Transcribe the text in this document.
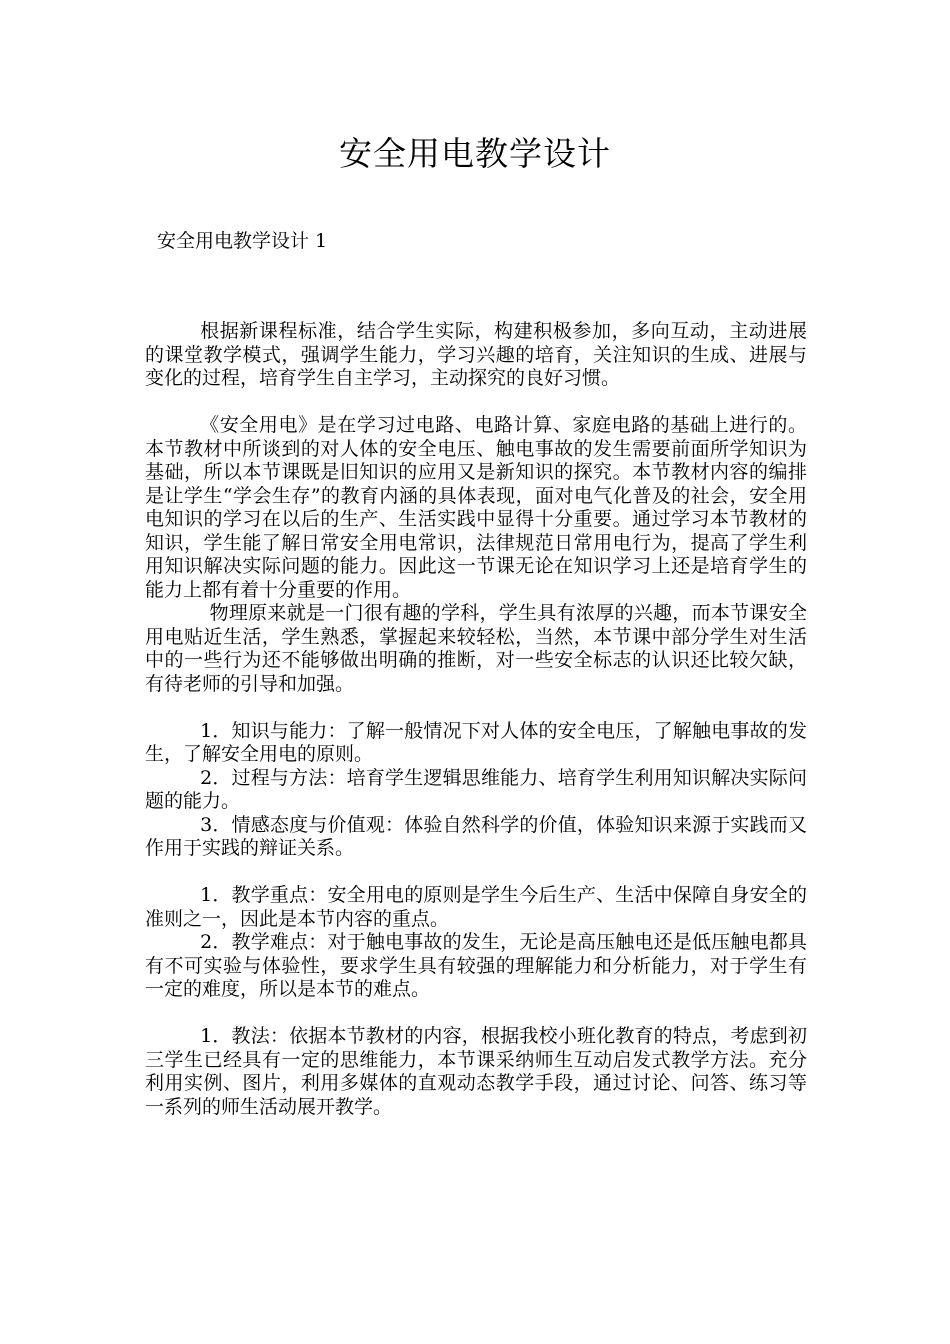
安全用电教学设计
安全用电教学设计 1

根据新课程标准，结合学生实际，构建积极参加，多向互动，主动进展的课堂教学模式，强调学生能力，学习兴趣的培育，关注知识的生成、进展与变化的过程，培育学生自主学习，主动探究的良好习惯。

《安全用电》是在学习过电路、电路计算、家庭电路的基础上进行的。本节教材中所谈到的对人体的安全电压、触电事故的发生需要前面所学知识为基础，所以本节课既是旧知识的应用又是新知识的探究。本节教材内容的编排是让学生“学会生存”的教育内涵的具体表现，面对电气化普及的社会，安全用电知识的学习在以后的生产、生活实践中显得十分重要。通过学习本节教材的知识，学生能了解日常安全用电常识，法律规范日常用电行为，提高了学生利用知识解决实际问题的能力。因此这一节课无论在知识学习上还是培育学生的能力上都有着十分重要的作用。

物理原来就是一门很有趣的学科，学生具有浓厚的兴趣，而本节课安全用电贴近生活，学生熟悉，掌握起来较轻松，当然，本节课中部分学生对生活中的一些行为还不能够做出明确的推断，对一些安全标志的认识还比较欠缺，有待老师的引导和加强。

1．知识与能力：了解一般情况下对人体的安全电压，了解触电事故的发生，了解安全用电的原则。

2．过程与方法：培育学生逻辑思维能力、培育学生利用知识解决实际问题的能力。

3．情感态度与价值观：体验自然科学的价值，体验知识来源于实践而又作用于实践的辩证关系。

1．教学重点：安全用电的原则是学生今后生产、生活中保障自身安全的准则之一，因此是本节内容的重点。

2．教学难点：对于触电事故的发生，无论是高压触电还是低压触电都具有不可实验与体验性，要求学生具有较强的理解能力和分析能力，对于学生有一定的难度，所以是本节的难点。

1．教法：依据本节教材的内容，根据我校小班化教育的特点，考虑到初三学生已经具有一定的思维能力，本节课采纳师生互动启发式教学方法。充分利用实例、图片，利用多媒体的直观动态教学手段，通过讨论、问答、练习等一系列的师生活动展开教学。
